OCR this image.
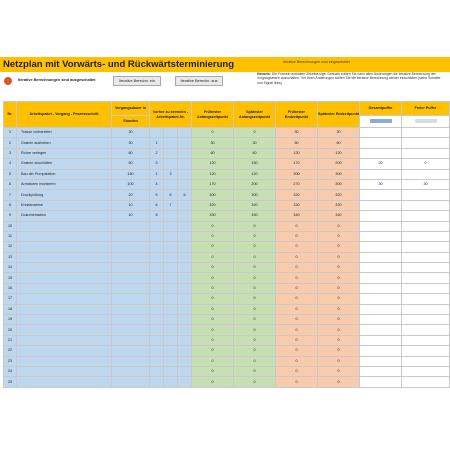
Netzplan mit Vorwärts- und Rückwärtsterminierung	Iterative Berechnungen sind eingeschaltet
Iterative Berechnungen sind ausgeschaltet	Iterative Berechn. ein	Iterative Berechn. aus
Hinweis: Die Formeln enthalten Zirkelbezüge. Deshalb sollten Sie nach allen Änderungen die iterative Berechnung der Vorgangsanten ausschalten. Vor Ihren Änderungen sollten Sie die iterative Berechnung wieder einschalten (siehe Schalter und Signal links)
Nr.	Arbeitspaket - Vorgang - Prozessschritt	Vorgangsdauer in	Vorher zu beenden - Arbeitspaket-Nr.			Frühester Anfangszeitpunkt	Spätester Anfangszeitpunkt	Frühester Endzeitpunkt	Spätester Endzeitpunkt	Gesamtpuffer	Freier Puffer
		Stunden									
1	Trasse vorbereiten	30				0	0	30	30		
2	Graben ausheben	30	1			30	30	60	60		
3	Rohre verlegen	60	2			60	60	120	120		
4	Graben zuschütten	50	3			120	150	170	200	20	0
5	Bau der Pumpstation	180	1	3		120	120	300	300		
6	Armaturen montieren	100	4			170	200	270	300	30	30
7	Druckprüfung	20	5	6	6	300	300	320	320		
8	Endabnahme	10	6	7		320	320	330	330		
9	Dokumentation	10	8			330	330	340	340		
10						0	0	0	0		
11						0	0	0	0		
12						0	0	0	0		
13						0	0	0	0		
14						0	0	0	0		
15						0	0	0	0		
16						0	0	0	0		
17						0	0	0	0		
18						0	0	0	0		
19						0	0	0	0		
20						0	0	0	0		
21						0	0	0	0		
22						0	0	0	0		
23						0	0	0	0		
24						0	0	0	0		
25						0	0	0	0		
